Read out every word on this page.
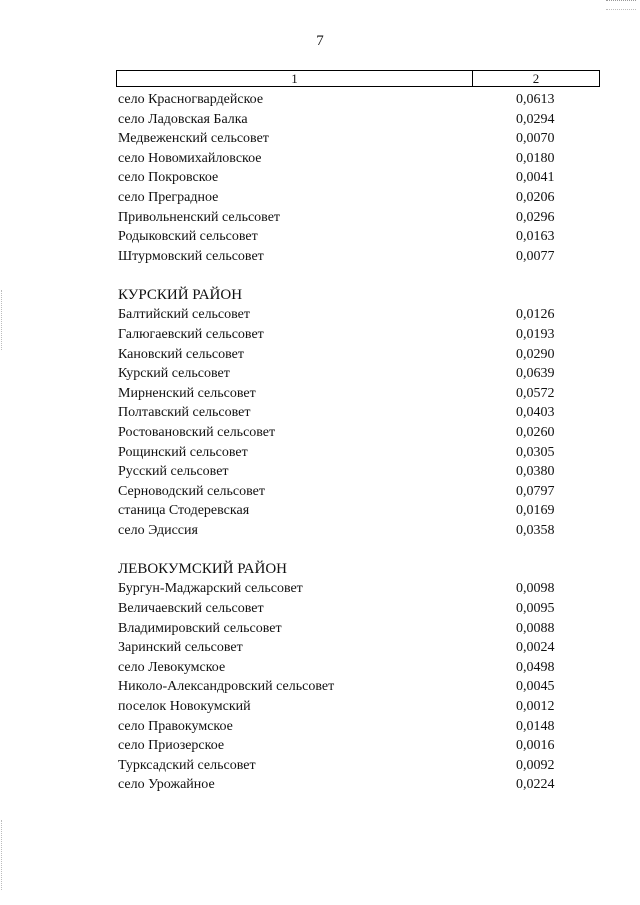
7
1	2
село Красногвардейское	0,0613
село Ладовская Балка	0,0294
Медвеженский сельсовет	0,0070
село Новомихайловское	0,0180
село Покровское	0,0041
село Преградное	0,0206
Привольненский сельсовет	0,0296
Родыковский сельсовет	0,0163
Штурмовский сельсовет	0,0077
КУРСКИЙ РАЙОН
Балтийский сельсовет	0,0126
Галюгаевский сельсовет	0,0193
Кановский сельсовет	0,0290
Курский сельсовет	0,0639
Мирненский сельсовет	0,0572
Полтавский сельсовет	0,0403
Ростовановский сельсовет	0,0260
Рощинский сельсовет	0,0305
Русский сельсовет	0,0380
Серноводский сельсовет	0,0797
станица Стодеревская	0,0169
село Эдиссия	0,0358
ЛЕВОКУМСКИЙ РАЙОН
Бургун-Маджарский сельсовет	0,0098
Величаевский сельсовет	0,0095
Владимировский сельсовет	0,0088
Заринский сельсовет	0,0024
село Левокумское	0,0498
Николо-Александровский сельсовет	0,0045
поселок Новокумский	0,0012
село Правокумское	0,0148
село Приозерское	0,0016
Турксадский сельсовет	0,0092
село Урожайное	0,0224
